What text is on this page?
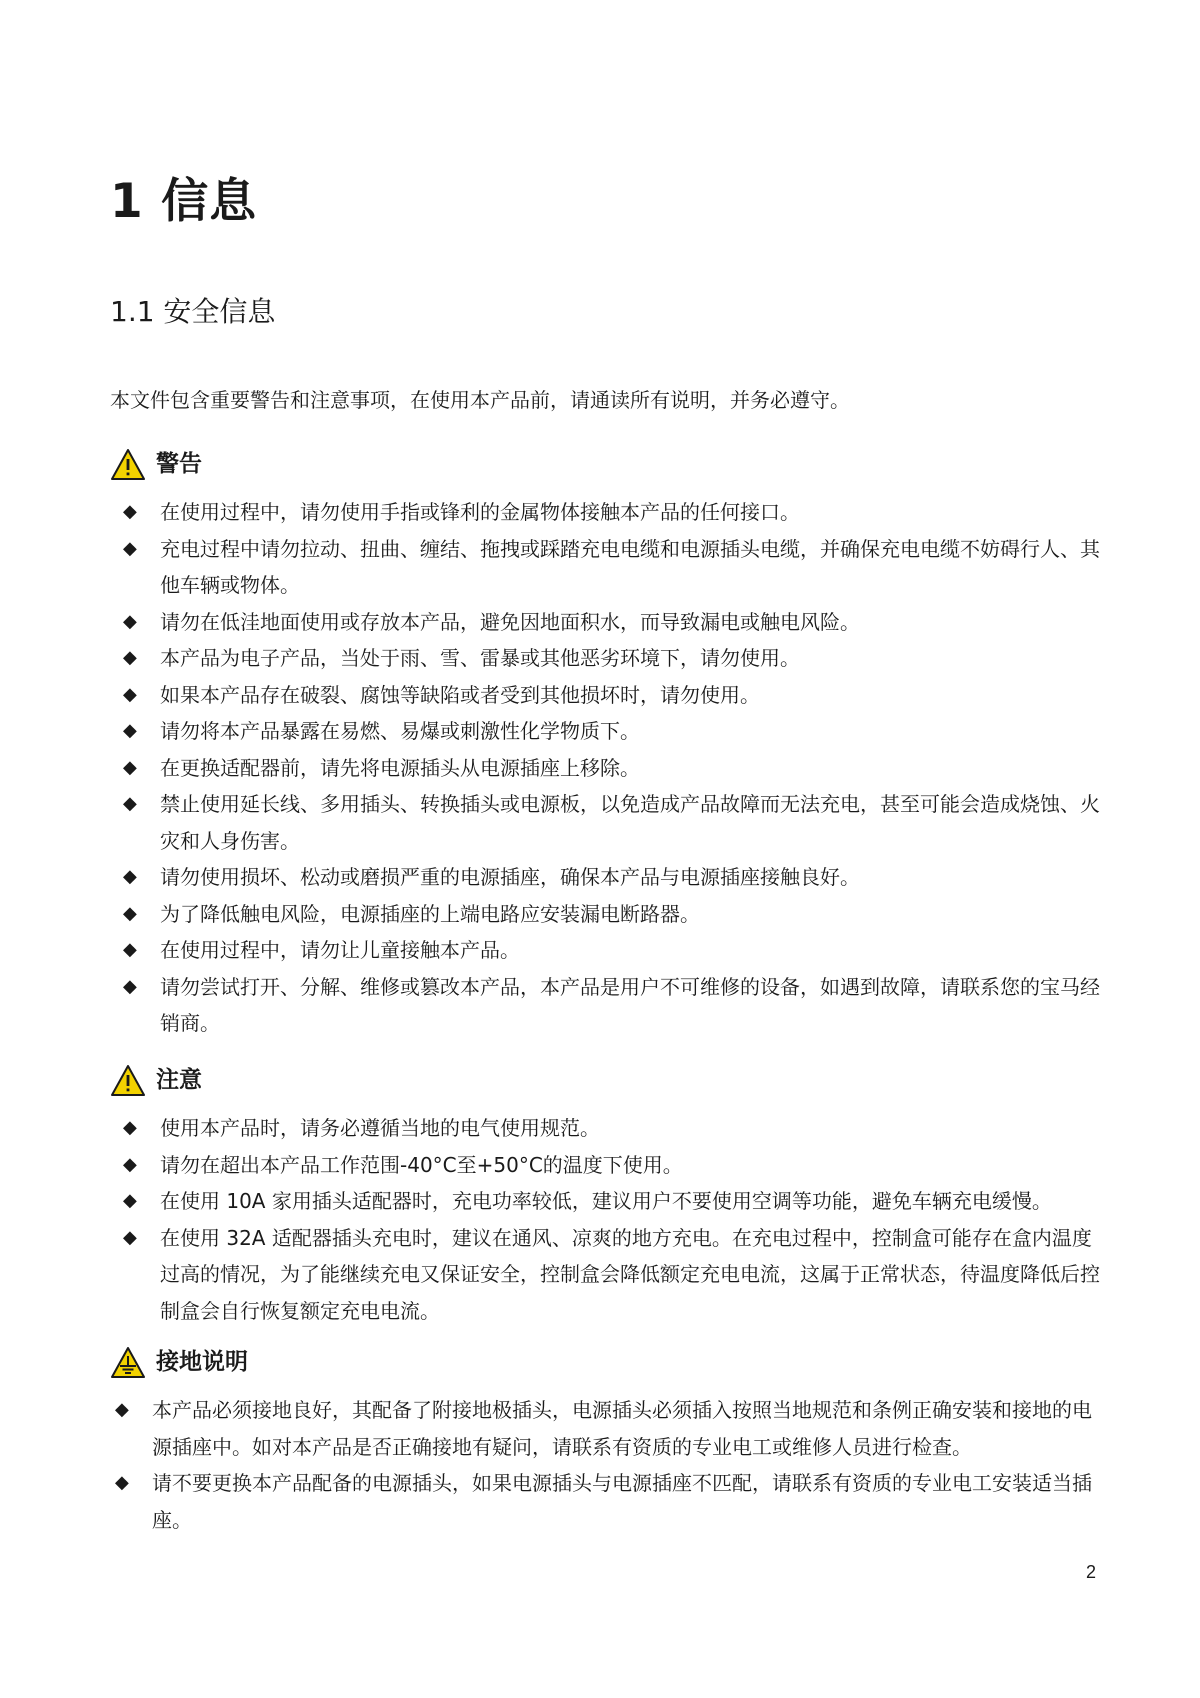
1 信息
1.1 安全信息
本文件包含重要警告和注意事项，在使用本产品前，请通读所有说明，并务必遵守。
警告
◆ 在使用过程中，请勿使用手指或锋利的金属物体接触本产品的任何接口。
◆ 充电过程中请勿拉动、扭曲、缠结、拖拽或踩踏充电电缆和电源插头电缆，并确保充电电缆不妨碍行人、其他车辆或物体。
◆ 请勿在低洼地面使用或存放本产品，避免因地面积水，而导致漏电或触电风险。
◆ 本产品为电子产品，当处于雨、雪、雷暴或其他恶劣环境下，请勿使用。
◆ 如果本产品存在破裂、腐蚀等缺陷或者受到其他损坏时，请勿使用。
◆ 请勿将本产品暴露在易燃、易爆或刺激性化学物质下。
◆ 在更换适配器前，请先将电源插头从电源插座上移除。
◆ 禁止使用延长线、多用插头、转换插头或电源板，以免造成产品故障而无法充电，甚至可能会造成烧蚀、火灾和人身伤害。
◆ 请勿使用损坏、松动或磨损严重的电源插座，确保本产品与电源插座接触良好。
◆ 为了降低触电风险，电源插座的上端电路应安装漏电断路器。
◆ 在使用过程中，请勿让儿童接触本产品。
◆ 请勿尝试打开、分解、维修或篡改本产品，本产品是用户不可维修的设备，如遇到故障，请联系您的宝马经销商。
注意
◆ 使用本产品时，请务必遵循当地的电气使用规范。
◆ 请勿在超出本产品工作范围-40°C至+50°C的温度下使用。
◆ 在使用 10A 家用插头适配器时，充电功率较低，建议用户不要使用空调等功能，避免车辆充电缓慢。
◆ 在使用 32A 适配器插头充电时，建议在通风、凉爽的地方充电。在充电过程中，控制盒可能存在盒内温度过高的情况，为了能继续充电又保证安全，控制盒会降低额定充电电流，这属于正常状态，待温度降低后控制盒会自行恢复额定充电电流。
接地说明
◆ 本产品必须接地良好，其配备了附接地极插头，电源插头必须插入按照当地规范和条例正确安装和接地的电源插座中。如对本产品是否正确接地有疑问，请联系有资质的专业电工或维修人员进行检查。
◆ 请不要更换本产品配备的电源插头，如果电源插头与电源插座不匹配，请联系有资质的专业电工安装适当插座。
2
